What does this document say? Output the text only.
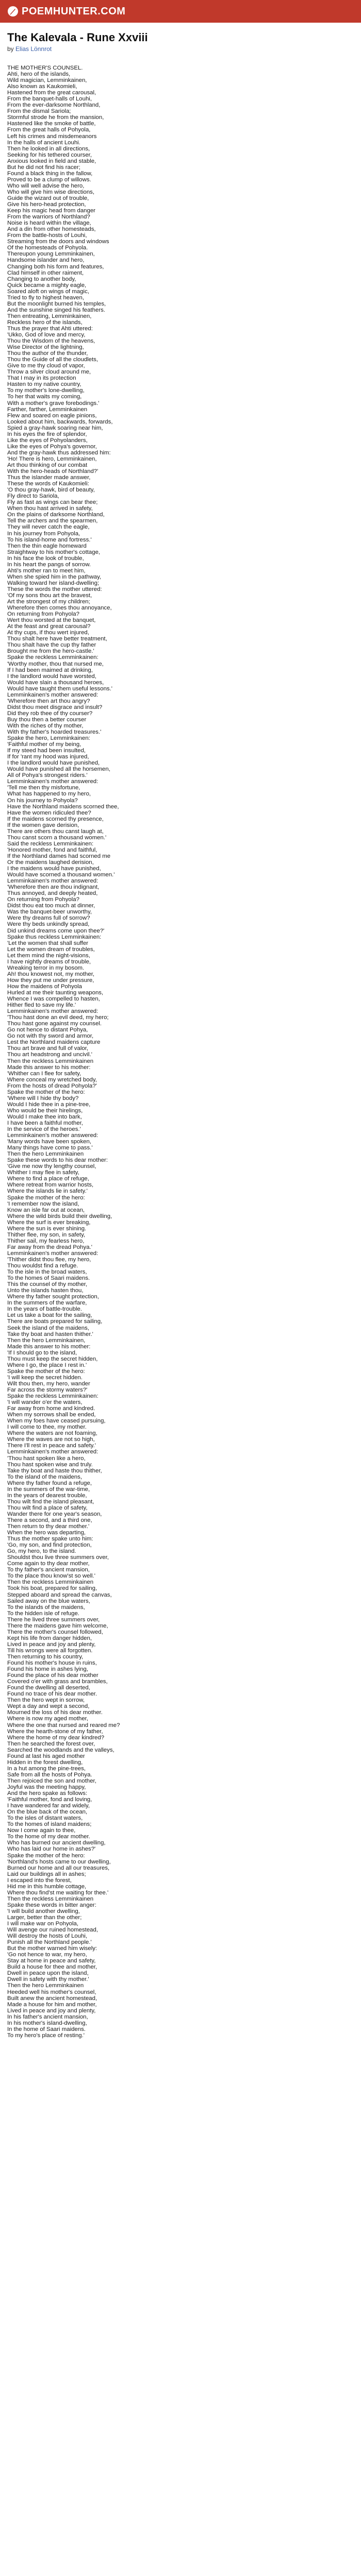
POEMHUNTER.COM
The Kalevala - Rune Xxviii
by Elias Lönnrot
THE MOTHER'S COUNSEL.
Ahti, hero of the islands,
Wild magician, Lemminkainen,
Also known as Kaukomieli,
Hastened from the great carousal,
From the banquet-halls of Louhi,
From the ever-darksome Northland,
From the dismal Sariola;
Stormful strode he from the mansion,
Hastened like the smoke of battle,
From the great halls of Pohyola,
Left his crimes and misdemeanors
In the halls of ancient Louhi.
Then he looked in all directions,
Seeking for his tethered courser,
Anxious looked in field and stable,
But he did not find his racer;
Found a black thing in the fallow,
Proved to be a clump of willows.
Who will well advise the hero,
Who will give him wise directions,
Guide the wizard out of trouble,
Give his hero-head protection,
Keep his magic head from danger
From the warriors of Northland?
Noise is heard within the village,
And a din from other homesteads,
From the battle-hosts of Louhi,
Streaming from the doors and windows
Of the homesteads of Pohyola.
Thereupon young Lemminkainen,
Handsome islander and hero,
Changing both his form and features,
Clad himself in other raiment,
Changing to another body,
Quick became a mighty eagle,
Soared aloft on wings of magic,
Tried to fly to highest heaven,
But the moonlight burned his temples,
And the sunshine singed his feathers.
Then entreating, Lemminkainen,
Reckless hero of the islands,
Thus the prayer that Ahti uttered:
'Ukko, God of love and mercy,
Thou the Wisdom of the heavens,
Wise Director of the lightning,
Thou the author of the thunder,
Thou the Guide of all the cloudlets,
Give to me thy cloud of vapor,
Throw a silver cloud around me,
That I may in its protection
Hasten to my native country,
To my mother's lone-dwelling,
To her that waits my coming,
With a mother's grave forebodings.'
Farther, farther, Lemminkainen
Flew and soared on eagle pinions,
Looked about him, backwards, forwards,
Spied a gray-hawk soaring near him,
In his eyes the fire of splendor,
Like the eyes of Pohyolanders,
Like the eyes of Pohya's governor,
And the gray-hawk thus addressed him:
'Ho! There is hero, Lemminkainen,
Art thou thinking of our combat
With the hero-heads of Northland?'
Thus the islander made answer,
These the words of Kaukomieli:
'O thou gray-hawk, bird of beauty,
Fly direct to Sariola,
Fly as fast as wings can bear thee;
When thou hast arrived in safety,
On the plains of darksome Northland,
Tell the archers and the spearmen,
They will never catch the eagle,
In his journey from Pohyola,
To his island-home and fortress.'
Then the thin eagle homeward
Straightway to his mother's cottage,
In his face the look of trouble,
In his heart the pangs of sorrow.
Ahti's mother ran to meet him,
When she spied him in the pathway,
Walking toward her island-dwelling;
These the words the mother uttered:
'Of my sons thou art the bravest,
Art the strongest of my children;
Wherefore then comes thou annoyance,
On returning from Pohyola?
Wert thou worsted at the banquet,
At the feast and great carousal?
At thy cups, if thou wert injured,
Thou shalt here have better treatment,
Thou shalt have the cup thy father
Brought me from the hero-castle.'
Spake the reckless Lemminkainen:
'Worthy mother, thou that nursed me,
If I had been maimed at drinking,
I the landlord would have worsted,
Would have slain a thousand heroes,
Would have taught them useful lessons.'
Lemminkainen's mother answered:
'Wherefore then art thou angry?
Didst thou meet disgrace and insult?
Did they rob thee of thy courser?
Buy thou then a better courser
With the riches of thy mother,
With thy father's hoarded treasures.'
Spake the hero, Lemminkainen:
'Faithful mother of my being,
If my steed had been insulted,
If for 'rant my hood was injured,
I the landlord would have punished,
Would have punished all the horsemen,
All of Pohya's strongest riders.'
Lemminkainen's mother answered:
'Tell me then thy misfortune,
What has happened to my hero,
On his journey to Pohyola?
Have the Northland maidens scorned thee,
Have the women ridiculed thee?
If the maidens scorned thy presence,
If the women gave derision,
There are others thou canst laugh at,
Thou canst scorn a thousand women.'
Said the reckless Lemminkainen:
'Honored mother, fond and faithful,
If the Northland dames had scorned me
Or the maidens laughed derision,
I the maidens would have punished,
Would have scorned a thousand women.'
Lemminkainen's mother answered:
'Wherefore then are thou indignant,
Thus annoyed, and deeply heated,
On returning from Pohyola?
Didst thou eat too much at dinner,
Was the banquet-beer unworthy,
Were thy dreams full of sorrow?
Were thy beds unkindly spread,
Did unkind dreams come upon thee?'
Spake thus reckless Lemminkainen:
'Let the women that shall suffer
Let the women dream of troubles,
Let them mind the night-visions,
I have nightly dreams of trouble,
Wreaking terror in my bosom.
Ah! thou knowest not, my mother,
How they put me under pressure,
How the maidens of Pohyola
Hurled at me their taunting weapons,
Whence I was compelled to hasten,
Hither fled to save my life.'
Lemminkainen's mother answered:
'Thou hast done an evil deed, my hero;
Thou hast gone against my counsel.
Go not hence to distant Pohya,
Go not with thy sword and armor,
Lest the Northland maidens capture
Thou art brave and full of valor,
Thou art headstrong and uncivil.'
Then the reckless Lemminkainen
Made this answer to his mother:
'Whither can I flee for safety,
Where conceal my wretched body,
From the hosts of dread Pohyola?'
Spake the mother of the hero:
'Where will I hide thy body?
Would I hide thee in a pine-tree,
Who would be their hirelings,
Would I make thee into bark,
I have been a faithful mother,
In the service of the heroes.'
Lemminkainen's mother answered:
'Many words have been spoken,
Many things have come to pass.'
Then the hero Lemminkainen
Spake these words to his dear mother:
'Give me now thy lengthy counsel,
Whither I may flee in safety,
Where to find a place of refuge,
Where retreat from warrior hosts,
Where the islands lie in safety.'
Spake the mother of the hero:
'I remember now the island,
Know an isle far out at ocean,
Where the wild birds build their dwelling,
Where the surf is ever breaking,
Where the sun is ever shining.
Thither flee, my son, in safety,
Thither sail, my fearless hero,
Far away from the dread Pohya.'
Lemminkainen's mother answered:
'Thither didst thou flee, my hero,
Thou wouldst find a refuge.
To the isle in the broad waters,
To the homes of Saari maidens.
This the counsel of thy mother,
Unto the islands hasten thou,
Where thy father sought protection,
In the summers of the warfare,
In the years of battle-trouble.
Let us take a boat for the sailing,
There are boats prepared for sailing,
Seek the island of the maidens,
Take thy boat and hasten thither.'
Then the hero Lemminkainen,
Made this answer to his mother:
'If I should go to the island,
Thou must keep the secret hidden,
Where I go, the place I rest in.'
Spake the mother of the hero:
'I will keep the secret hidden.
Wilt thou then, my hero, wander
Far across the stormy waters?'
Spake the reckless Lemminkainen:
'I will wander o'er the waters,
Far away from home and kindred.
When my sorrows shall be ended,
When my foes have ceased pursuing,
I will come to thee, my mother.
Where the waters are not foaming,
Where the waves are not so high,
There I'll rest in peace and safety.'
Lemminkainen's mother answered:
'Thou hast spoken like a hero,
Thou hast spoken wise and truly.
Take thy boat and haste thou thither,
To the island of the maidens,
Where thy father found a refuge,
In the summers of the war-time,
In the years of dearest trouble,
Thou wilt find the island pleasant,
Thou wilt find a place of safety,
Wander there for one year's season,
There a second, and a third one,
Then return to thy dear mother.'
When the hero was departing,
Thus the mother spake unto him:
'Go, my son, and find protection,
Go, my hero, to the island.
Shouldst thou live three summers over,
Come again to thy dear mother,
To thy father's ancient mansion,
To the place thou know'st so well.'
Then the reckless Lemminkainen
Took his boat, prepared for sailing,
Stepped aboard and spread the canvas,
Sailed away on the blue waters,
To the islands of the maidens,
To the hidden isle of refuge.
There he lived three summers over,
There the maidens gave him welcome,
There the mother's counsel followed,
Kept his life from danger hidden,
Lived in peace and joy and plenty,
Till his wrongs were all forgotten.
Then returning to his country,
Found his mother's house in ruins,
Found his home in ashes lying,
Found the place of his dear mother
Covered o'er with grass and brambles,
Found the dwelling all deserted,
Found no trace of his dear mother.
Then the hero wept in sorrow,
Wept a day and wept a second,
Mourned the loss of his dear mother.
Where is now my aged mother,
Where the one that nursed and reared me?
Where the hearth-stone of my father,
Where the home of my dear kindred?
Then he searched the forest over,
Searched the woodlands and the valleys,
Found at last his aged mother
Hidden in the forest dwelling,
In a hut among the pine-trees,
Safe from all the hosts of Pohya.
Then rejoiced the son and mother,
Joyful was the meeting happy,
And the hero spake as follows:
'Faithful mother, fond and loving,
I have wandered far and widely,
On the blue back of the ocean,
To the isles of distant waters,
To the homes of island maidens;
Now I come again to thee,
To the home of my dear mother.
Who has burned our ancient dwelling,
Who has laid our home in ashes?'
Spake the mother of the hero:
'Northland's hosts came to our dwelling,
Burned our home and all our treasures,
Laid our buildings all in ashes;
I escaped into the forest,
Hid me in this humble cottage,
Where thou find'st me waiting for thee.'
Then the reckless Lemminkainen
Spake these words in bitter anger:
'I will build another dwelling,
Larger, better than the other;
I will make war on Pohyola,
Will avenge our ruined homestead,
Will destroy the hosts of Louhi,
Punish all the Northland people.'
But the mother warned him wisely:
'Go not hence to war, my hero,
Stay at home in peace and safety,
Build a house for thee and mother,
Dwell in peace upon the island,
Dwell in safety with thy mother.'
Then the hero Lemminkainen
Heeded well his mother's counsel,
Built anew the ancient homestead,
Made a house for him and mother,
Lived in peace and joy and plenty,
In his father's ancient mansion,
In his mother's island-dwelling,
In the home of Saari maidens.
To my hero's place of resting.'
